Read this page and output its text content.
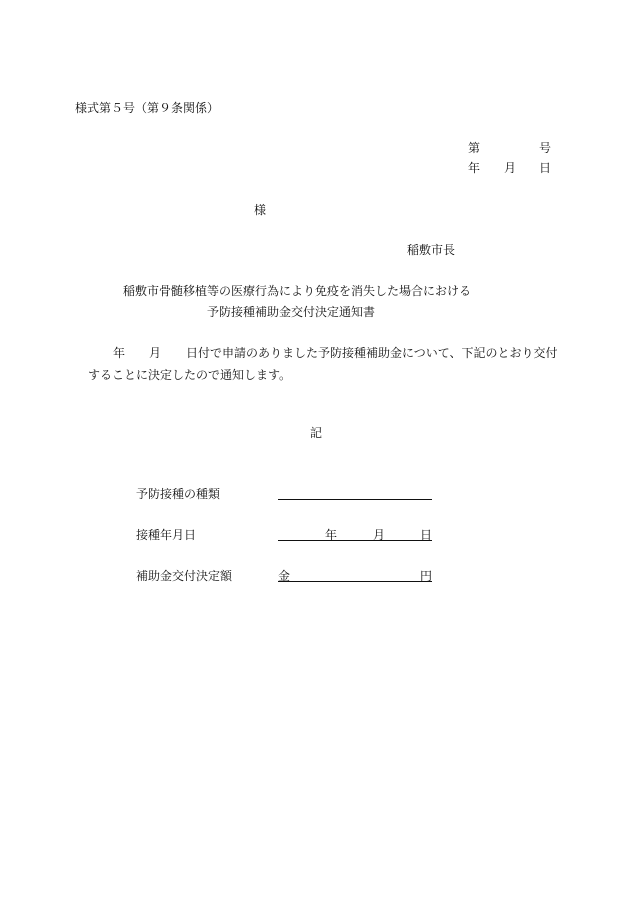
様式第５号（第９条関係）
第	号
年 月 日
様
稲敷市長
稲敷市骨髄移植等の医療行為により免疫を消失した場合における
予防接種補助金交付決定通知書
年 月 日付で申請のありました予防接種補助金について、下記のとおり交付
することに決定したので通知します。
記
予防接種の種類
接種年月日	年	月	日
補助金交付決定額	金	円
